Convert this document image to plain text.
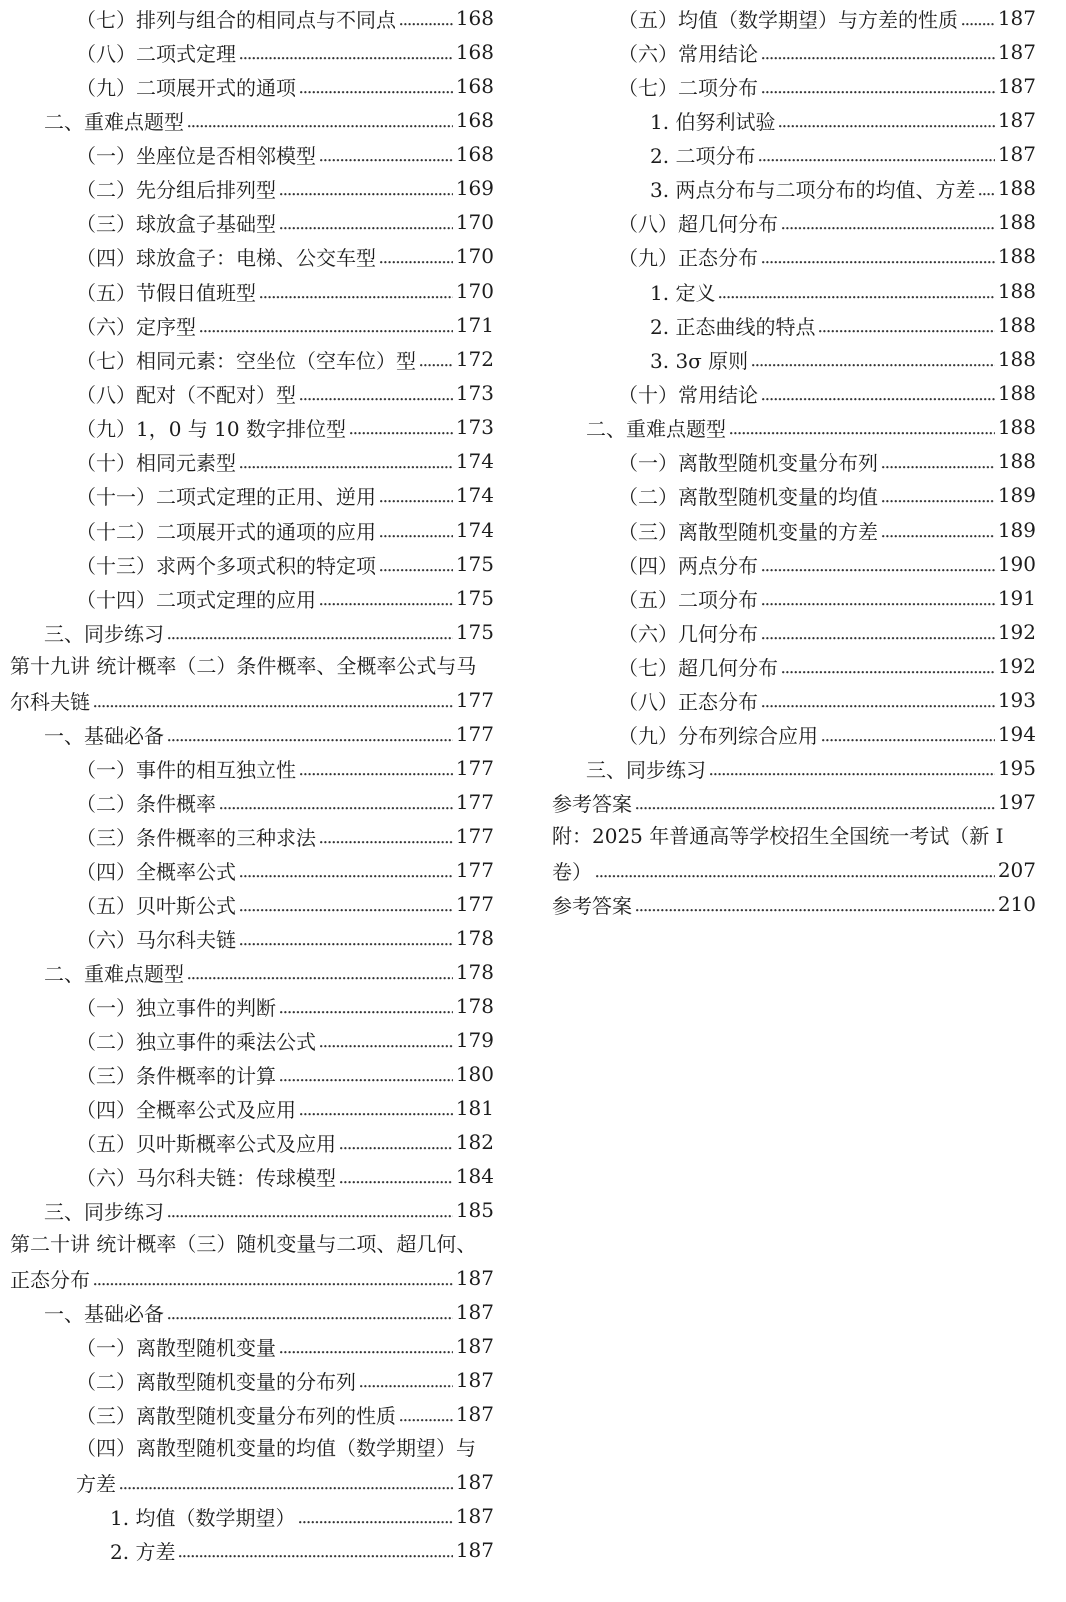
（七）排列与组合的相同点与不同点	168
（八）二项式定理	168
（九）二项展开式的通项	168
二、重难点题型	168
（一）坐座位是否相邻模型	168
（二）先分组后排列型	169
（三）球放盒子基础型	170
（四）球放盒子：电梯、公交车型	170
（五）节假日值班型	170
（六）定序型	171
（七）相同元素：空坐位（空车位）型 172
（八）配对（不配对）型	173
（九）1，0 与 10 数字排位型	173
（十）相同元素型	174
（十一）二项式定理的正用、逆用	174
（十二）二项展开式的通项的应用	174
（十三）求两个多项式积的特定项	175
（十四）二项式定理的应用	175
三、同步练习	175
第十九讲 统计概率（二）条件概率、全概率公式与马
尔科夫链	177
一、基础必备	177
（一）事件的相互独立性	177
（二）条件概率	177
（三）条件概率的三种求法	177
（四）全概率公式	177
（五）贝叶斯公式	177
（六）马尔科夫链	178
二、重难点题型	178
（一）独立事件的判断	178
（二）独立事件的乘法公式	179
（三）条件概率的计算	180
（四）全概率公式及应用	181
（五）贝叶斯概率公式及应用	182
（六）马尔科夫链：传球模型	184
三、同步练习	185
第二十讲 统计概率（三）随机变量与二项、超几何、
正态分布	187
一、基础必备	187
（一）离散型随机变量	187
（二）离散型随机变量的分布列	187
（三）离散型随机变量分布列的性质	187
（四）离散型随机变量的均值（数学期望）与
方差	187
1. 均值（数学期望）	187
2. 方差	187
（五）均值（数学期望）与方差的性质 187
（六）常用结论	187
（七）二项分布	187
1. 伯努利试验	187
2. 二项分布	187
3. 两点分布与二项分布的均值、方差 188
（八）超几何分布	188
（九）正态分布	188
1. 定义	188
2. 正态曲线的特点	188
3. 3σ 原则	188
（十）常用结论	188
二、重难点题型	188
（一）离散型随机变量分布列	188
（二）离散型随机变量的均值	189
（三）离散型随机变量的方差	189
（四）两点分布	190
（五）二项分布	191
（六）几何分布	192
（七）超几何分布	192
（八）正态分布	193
（九）分布列综合应用	194
三、同步练习	195
参考答案	197
附：2025 年普通高等学校招生全国统一考试（新 I
卷）	207
参考答案	210
